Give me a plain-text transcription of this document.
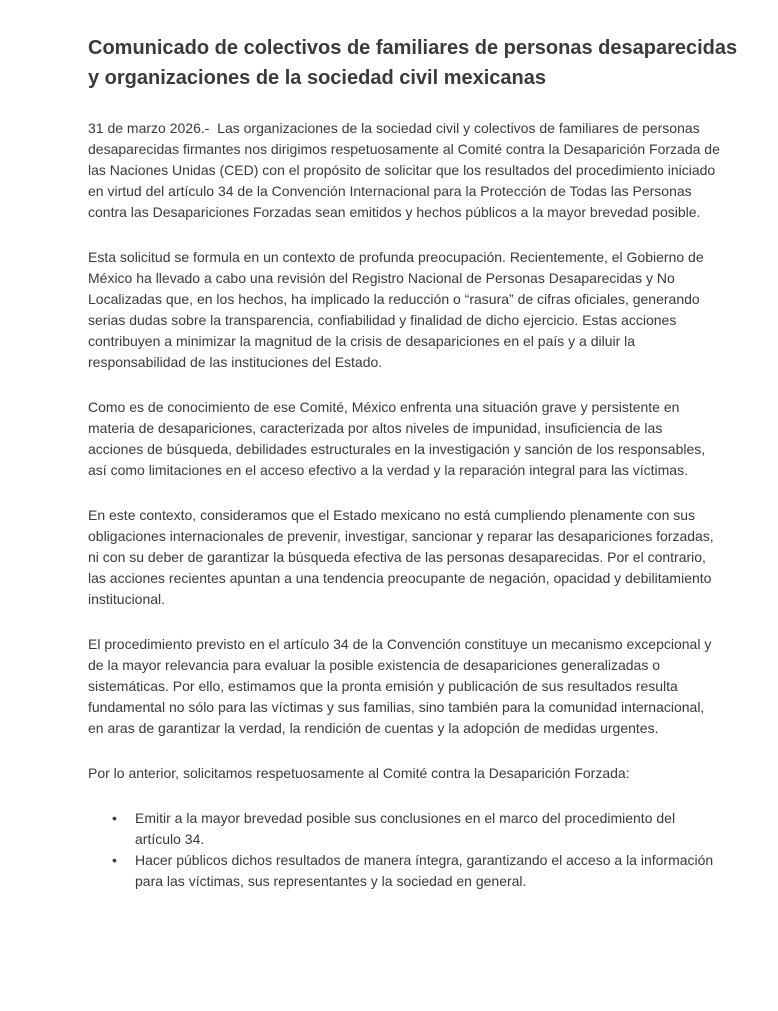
Comunicado de colectivos de familiares de personas desaparecidas
y organizaciones de la sociedad civil mexicanas

31 de marzo 2026.-  Las organizaciones de la sociedad civil y colectivos de familiares de personas desaparecidas firmantes nos dirigimos respetuosamente al Comité contra la Desaparición Forzada de las Naciones Unidas (CED) con el propósito de solicitar que los resultados del procedimiento iniciado en virtud del artículo 34 de la Convención Internacional para la Protección de Todas las Personas contra las Desapariciones Forzadas sean emitidos y hechos públicos a la mayor brevedad posible.

Esta solicitud se formula en un contexto de profunda preocupación. Recientemente, el Gobierno de México ha llevado a cabo una revisión del Registro Nacional de Personas Desaparecidas y No Localizadas que, en los hechos, ha implicado la reducción o “rasura” de cifras oficiales, generando serias dudas sobre la transparencia, confiabilidad y finalidad de dicho ejercicio. Estas acciones contribuyen a minimizar la magnitud de la crisis de desapariciones en el país y a diluir la responsabilidad de las instituciones del Estado.

Como es de conocimiento de ese Comité, México enfrenta una situación grave y persistente en materia de desapariciones, caracterizada por altos niveles de impunidad, insuficiencia de las acciones de búsqueda, debilidades estructurales en la investigación y sanción de los responsables, así como limitaciones en el acceso efectivo a la verdad y la reparación integral para las víctimas.

En este contexto, consideramos que el Estado mexicano no está cumpliendo plenamente con sus obligaciones internacionales de prevenir, investigar, sancionar y reparar las desapariciones forzadas, ni con su deber de garantizar la búsqueda efectiva de las personas desaparecidas. Por el contrario, las acciones recientes apuntan a una tendencia preocupante de negación, opacidad y debilitamiento institucional.

El procedimiento previsto en el artículo 34 de la Convención constituye un mecanismo excepcional y de la mayor relevancia para evaluar la posible existencia de desapariciones generalizadas o sistemáticas. Por ello, estimamos que la pronta emisión y publicación de sus resultados resulta fundamental no sólo para las víctimas y sus familias, sino también para la comunidad internacional, en aras de garantizar la verdad, la rendición de cuentas y la adopción de medidas urgentes.

Por lo anterior, solicitamos respetuosamente al Comité contra la Desaparición Forzada:

• Emitir a la mayor brevedad posible sus conclusiones en el marco del procedimiento del artículo 34.
• Hacer públicos dichos resultados de manera íntegra, garantizando el acceso a la información para las víctimas, sus representantes y la sociedad en general.
